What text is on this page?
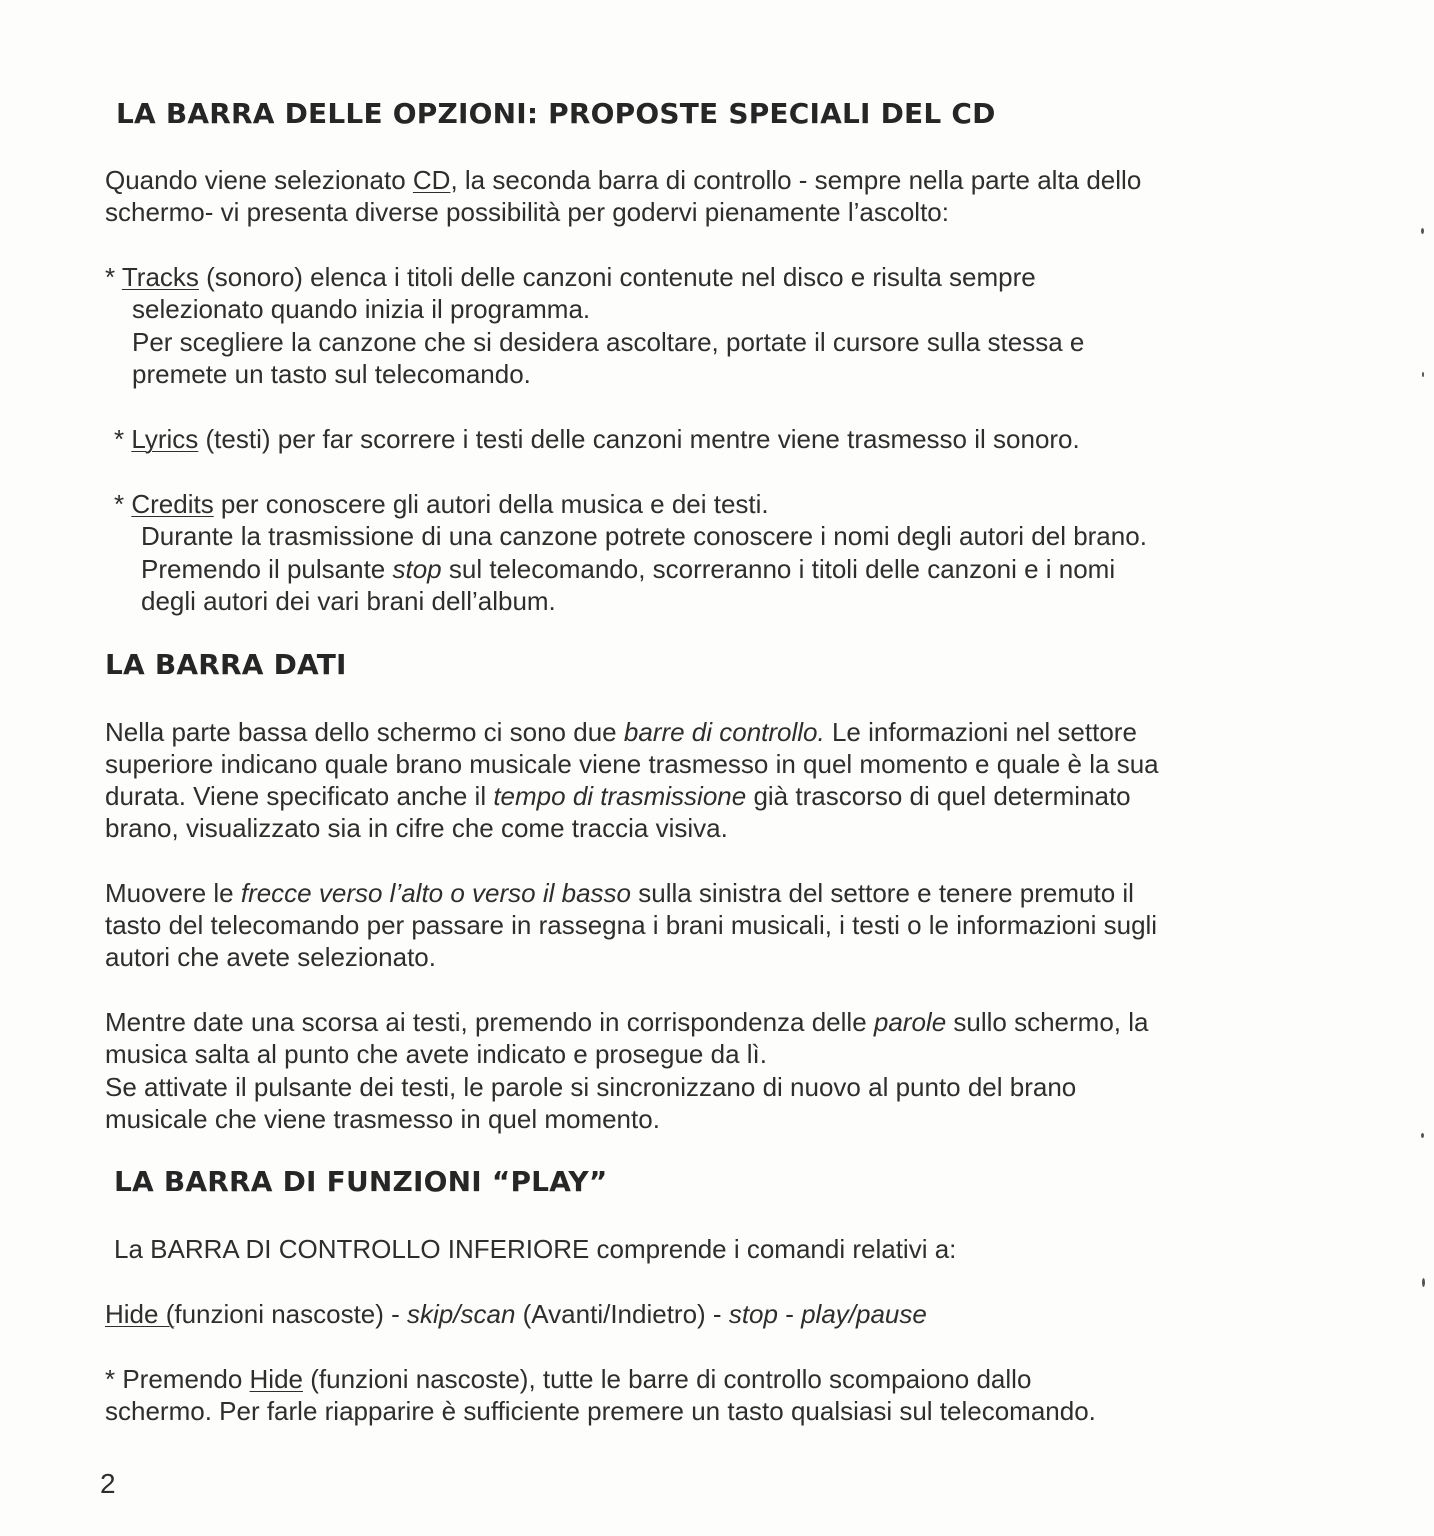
LA BARRA DELLE OPZIONI: PROPOSTE SPECIALI DEL CD

Quando viene selezionato CD, la seconda barra di controllo - sempre nella parte alta dello

schermo- vi presenta diverse possibilità per godervi pienamente l’ascolto:

* Tracks (sonoro) elenca i titoli delle canzoni contenute nel disco e risulta sempre

selezionato quando inizia il programma.

Per scegliere la canzone che si desidera ascoltare, portate il cursore sulla stessa e

premete un tasto sul telecomando.

* Lyrics (testi) per far scorrere i testi delle canzoni mentre viene trasmesso il sonoro.

* Credits per conoscere gli autori della musica e dei testi.

Durante la trasmissione di una canzone potrete conoscere i nomi degli autori del brano.

Premendo il pulsante stop sul telecomando, scorreranno i titoli delle canzoni e i nomi

degli autori dei vari brani dell’album.

LA BARRA DATI

Nella parte bassa dello schermo ci sono due barre di controllo. Le informazioni nel settore

superiore indicano quale brano musicale viene trasmesso in quel momento e quale è la sua

durata. Viene specificato anche il tempo di trasmissione già trascorso di quel determinato

brano, visualizzato sia in cifre che come traccia visiva.

Muovere le frecce verso l’alto o verso il basso sulla sinistra del settore e tenere premuto il

tasto del telecomando per passare in rassegna i brani musicali, i testi o le informazioni sugli

autori che avete selezionato.

Mentre date una scorsa ai testi, premendo in corrispondenza delle parole sullo schermo, la

musica salta al punto che avete indicato e prosegue da lì.

Se attivate il pulsante dei testi, le parole si sincronizzano di nuovo al punto del brano

musicale che viene trasmesso in quel momento.

LA BARRA DI FUNZIONI “PLAY”

La BARRA DI CONTROLLO INFERIORE comprende i comandi relativi a:

Hide (funzioni nascoste) - skip/scan (Avanti/Indietro) - stop - play/pause

* Premendo Hide (funzioni nascoste), tutte le barre di controllo scompaiono dallo

schermo. Per farle riapparire è sufficiente premere un tasto qualsiasi sul telecomando.

2
